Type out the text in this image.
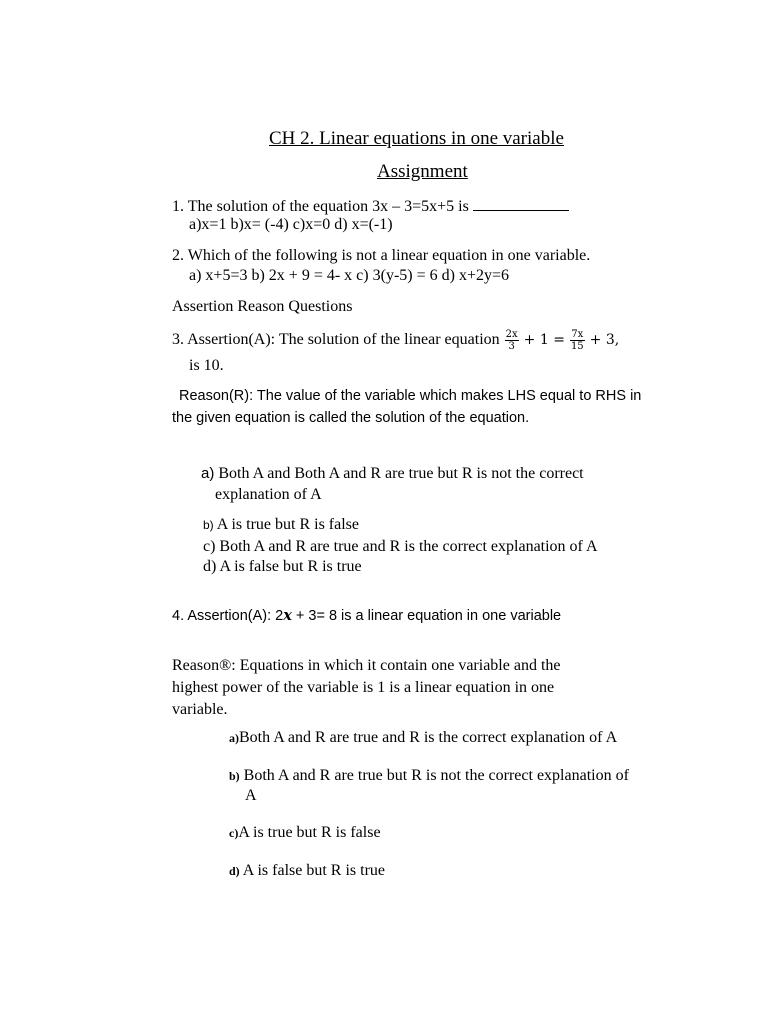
CH 2. Linear equations in one variable
Assignment
1. The solution of the equation 3x – 3=5x+5 is
a)x=1 b)x= (-4) c)x=0 d) x=(-1)
2. Which of the following is not a linear equation in one variable.
a) x+5=3 b) 2x + 9 = 4- x c) 3(y-5) = 6 d) x+2y=6
Assertion Reason Questions
3. Assertion(A): The solution of the linear equation $\frac{2x}{3} + 1 = \frac{7x}{15} + 3$,
is 10.
Reason(R): The value of the variable which makes LHS equal to RHS in
the given equation is called the solution of the equation.
a) Both A and Both A and R are true but R is not the correct
explanation of A
b) A is true but R is false
c) Both A and R are true and R is the correct explanation of A
d) A is false but R is true
4. Assertion(A): 2x + 3= 8 is a linear equation in one variable
Reason®: Equations in which it contain one variable and the
highest power of the variable is 1 is a linear equation in one
variable.
a)Both A and R are true and R is the correct explanation of A
b) Both A and R are true but R is not the correct explanation of
A
c)A is true but R is false
d) A is false but R is true
